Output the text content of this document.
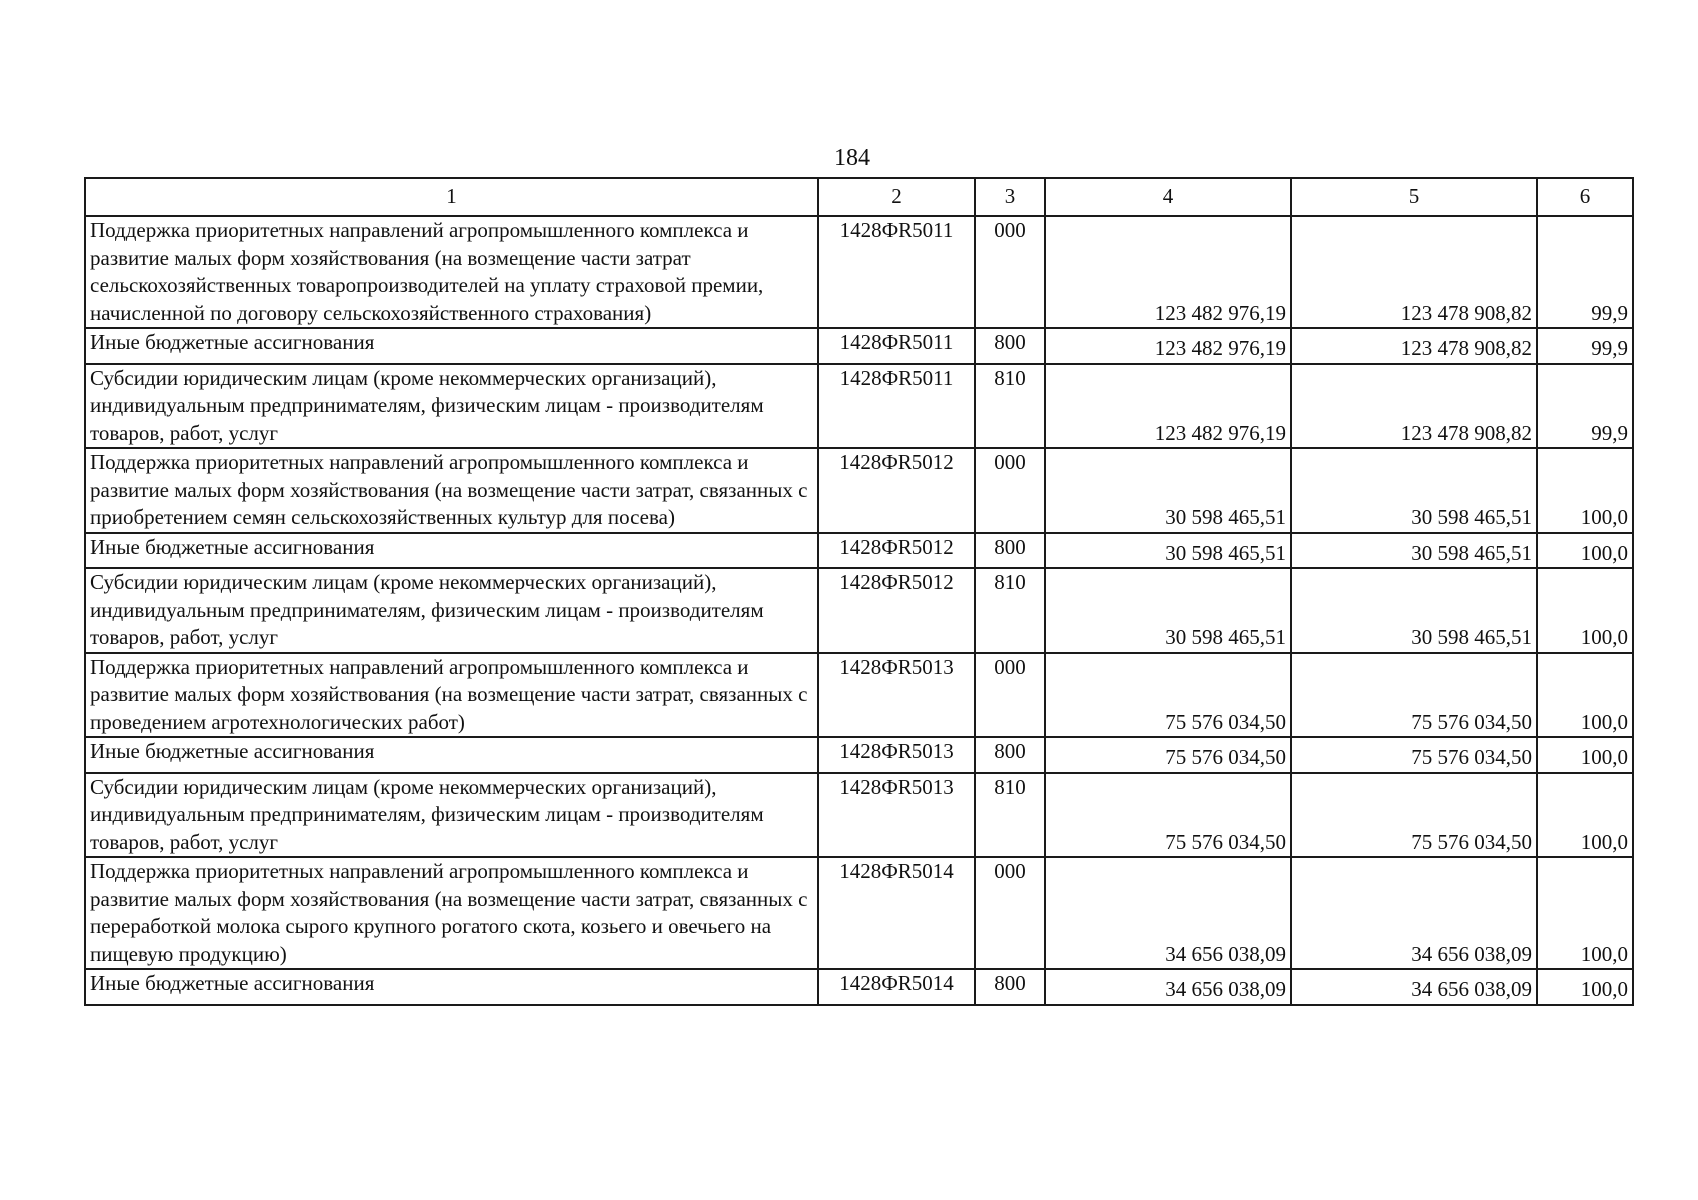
184
1	2	3	4	5	6
Поддержка приоритетных направлений агропромышленного комплекса и развитие малых форм хозяйствования (на возмещение части затрат сельскохозяйственных товаропроизводителей на уплату страховой премии, начисленной по договору сельскохозяйственного страхования)	1428ФR5011	000	123 482 976,19	123 478 908,82	99,9
Иные бюджетные ассигнования	1428ФR5011	800	123 482 976,19	123 478 908,82	99,9
Субсидии юридическим лицам (кроме некоммерческих организаций), индивидуальным предпринимателям, физическим лицам - производителям товаров, работ, услуг	1428ФR5011	810	123 482 976,19	123 478 908,82	99,9
Поддержка приоритетных направлений агропромышленного комплекса и развитие малых форм хозяйствования (на возмещение части затрат, связанных с приобретением семян сельскохозяйственных культур для посева)	1428ФR5012	000	30 598 465,51	30 598 465,51	100,0
Иные бюджетные ассигнования	1428ФR5012	800	30 598 465,51	30 598 465,51	100,0
Субсидии юридическим лицам (кроме некоммерческих организаций), индивидуальным предпринимателям, физическим лицам - производителям товаров, работ, услуг	1428ФR5012	810	30 598 465,51	30 598 465,51	100,0
Поддержка приоритетных направлений агропромышленного комплекса и развитие малых форм хозяйствования (на возмещение части затрат, связанных с проведением агротехнологических работ)	1428ФR5013	000	75 576 034,50	75 576 034,50	100,0
Иные бюджетные ассигнования	1428ФR5013	800	75 576 034,50	75 576 034,50	100,0
Субсидии юридическим лицам (кроме некоммерческих организаций), индивидуальным предпринимателям, физическим лицам - производителям товаров, работ, услуг	1428ФR5013	810	75 576 034,50	75 576 034,50	100,0
Поддержка приоритетных направлений агропромышленного комплекса и развитие малых форм хозяйствования (на возмещение части затрат, связанных с переработкой молока сырого крупного рогатого скота, козьего и овечьего на пищевую продукцию)	1428ФR5014	000	34 656 038,09	34 656 038,09	100,0
Иные бюджетные ассигнования	1428ФR5014	800	34 656 038,09	34 656 038,09	100,0
